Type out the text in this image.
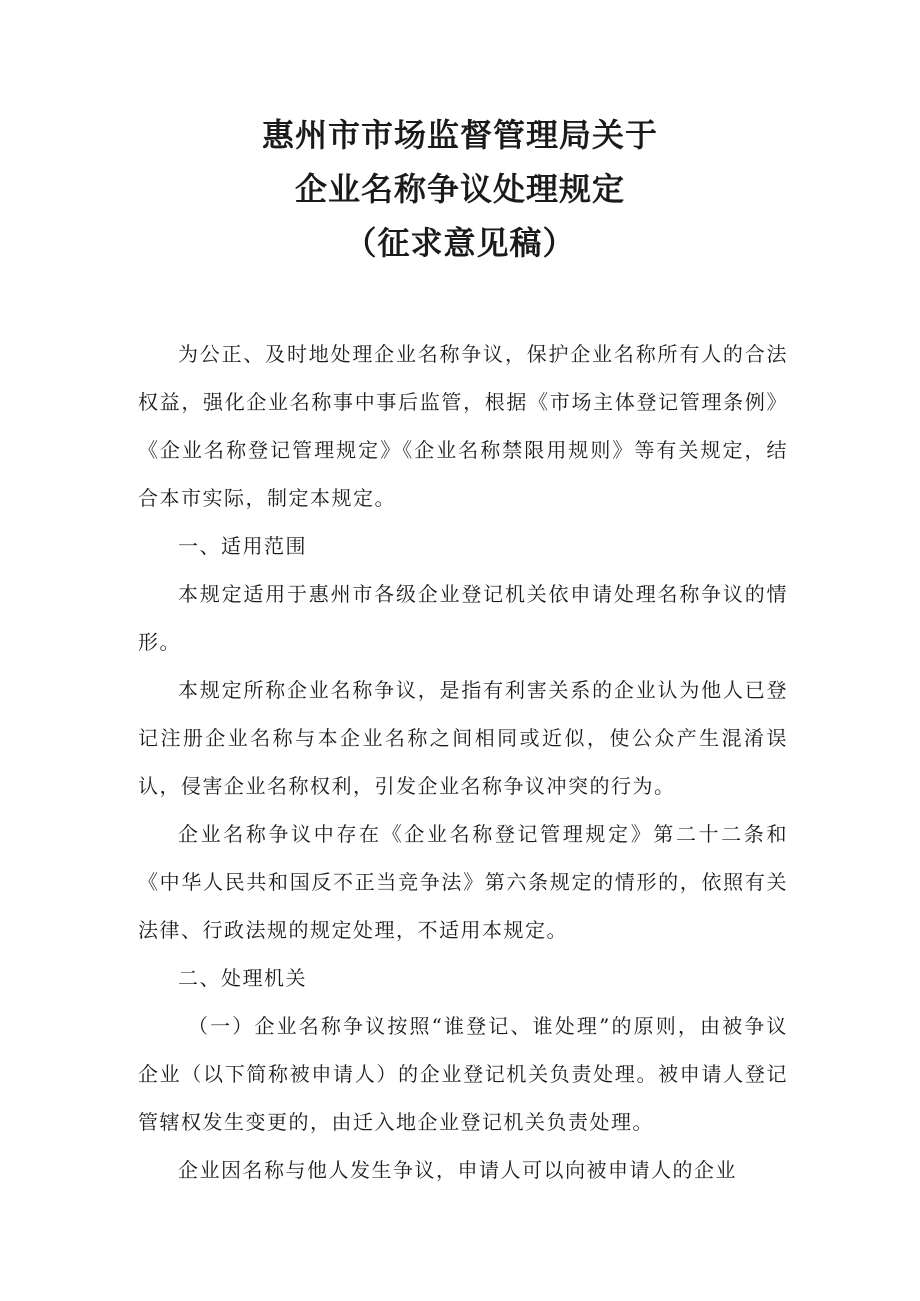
惠州市市场监督管理局关于
企业名称争议处理规定
（征求意见稿）

为公正、及时地处理企业名称争议，保护企业名称所有人的合法权益，强化企业名称事中事后监管，根据《市场主体登记管理条例》《企业名称登记管理规定》《企业名称禁限用规则》等有关规定，结合本市实际，制定本规定。

一、适用范围

本规定适用于惠州市各级企业登记机关依申请处理名称争议的情形。

本规定所称企业名称争议，是指有利害关系的企业认为他人已登记注册企业名称与本企业名称之间相同或近似，使公众产生混淆误认，侵害企业名称权利，引发企业名称争议冲突的行为。

企业名称争议中存在《企业名称登记管理规定》第二十二条和《中华人民共和国反不正当竞争法》第六条规定的情形的，依照有关法律、行政法规的规定处理，不适用本规定。

二、处理机关

（一）企业名称争议按照“谁登记、谁处理”的原则，由被争议企业（以下简称被申请人）的企业登记机关负责处理。被申请人登记管辖权发生变更的，由迁入地企业登记机关负责处理。

企业因名称与他人发生争议，申请人可以向被申请人的企业
